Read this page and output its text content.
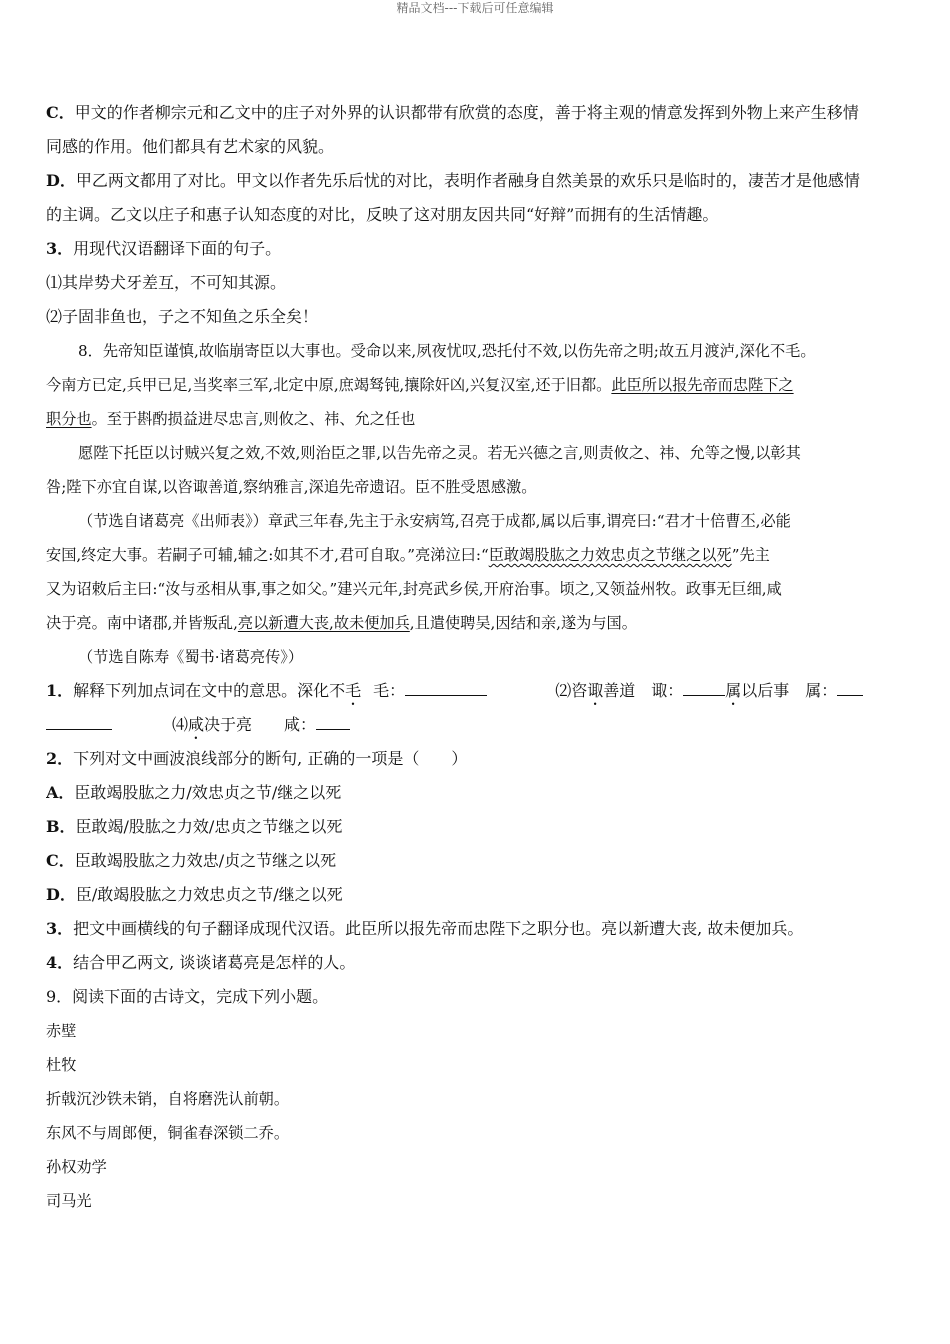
精品文档---下载后可任意编辑
C．甲文的作者柳宗元和乙文中的庄子对外界的认识都带有欣赏的态度，善于将主观的情意发挥到外物上来产生移情
同感的作用。他们都具有艺术家的风貌。
D．甲乙两文都用了对比。甲文以作者先乐后忧的对比，表明作者融身自然美景的欢乐只是临时的，凄苦才是他感情
的主调。乙文以庄子和惠子认知态度的对比，反映了这对朋友因共同“好辩”而拥有的生活情趣。
3．用现代汉语翻译下面的句子。
⑴其岸势犬牙差互，不可知其源。
⑵子固非鱼也，子之不知鱼之乐全矣！
8．先帝知臣谨慎,故临崩寄臣以大事也。受命以来,夙夜忧叹,恐托付不效,以伤先帝之明;故五月渡泸,深化不毛。
今南方已定,兵甲已足,当奖率三军,北定中原,庶竭驽钝,攘除奸凶,兴复汉室,还于旧都。此臣所以报先帝而忠陛下之
职分也。至于斟酌损益进尽忠言,则攸之、祎、允之任也
愿陛下托臣以讨贼兴复之效,不效,则治臣之罪,以告先帝之灵。若无兴德之言,则责攸之、祎、允等之慢,以彰其
咎;陛下亦宜自谋,以咨诹善道,察纳雅言,深追先帝遗诏。臣不胜受恩感激。
（节选自诸葛亮《出师表》）章武三年春,先主于永安病笃,召亮于成都,属以后事,谓亮曰:“君才十倍曹丕,必能
安国,终定大事。若嗣子可辅,辅之:如其不才,君可自取。”亮涕泣曰:“臣敢竭股肱之力效忠贞之节继之以死”先主
又为诏敕后主曰:“汝与丞相从事,事之如父。”建兴元年,封亮武乡侯,开府治事。顷之,又领益州牧。政事无巨细,咸
决于亮。南中诸郡,并皆叛乱,亮以新遭大丧,故未便加兵,且遣使聘吴,因结和亲,遂为与国。
（节选自陈寿《蜀书·诸葛亮传》）
1．解释下列加点词在文中的意思。深化不毛 毛：	⑵咨诹善道　诹：	属以后事　属：
⑷咸决于亮　　咸：
2．下列对文中画波浪线部分的断句, 正确的一项是（　　）
A．臣敢竭股肱之力/效忠贞之节/继之以死
B．臣敢竭/股肱之力效/忠贞之节继之以死
C．臣敢竭股肱之力效忠/贞之节继之以死
D．臣/敢竭股肱之力效忠贞之节/继之以死
3．把文中画横线的句子翻译成现代汉语。此臣所以报先帝而忠陛下之职分也。亮以新遭大丧, 故未便加兵。
4．结合甲乙两文, 谈谈诸葛亮是怎样的人。
9．阅读下面的古诗文，完成下列小题。
赤壁
杜牧
折戟沉沙铁未销，自将磨洗认前朝。
东风不与周郎便，铜雀春深锁二乔。
孙权劝学
司马光
